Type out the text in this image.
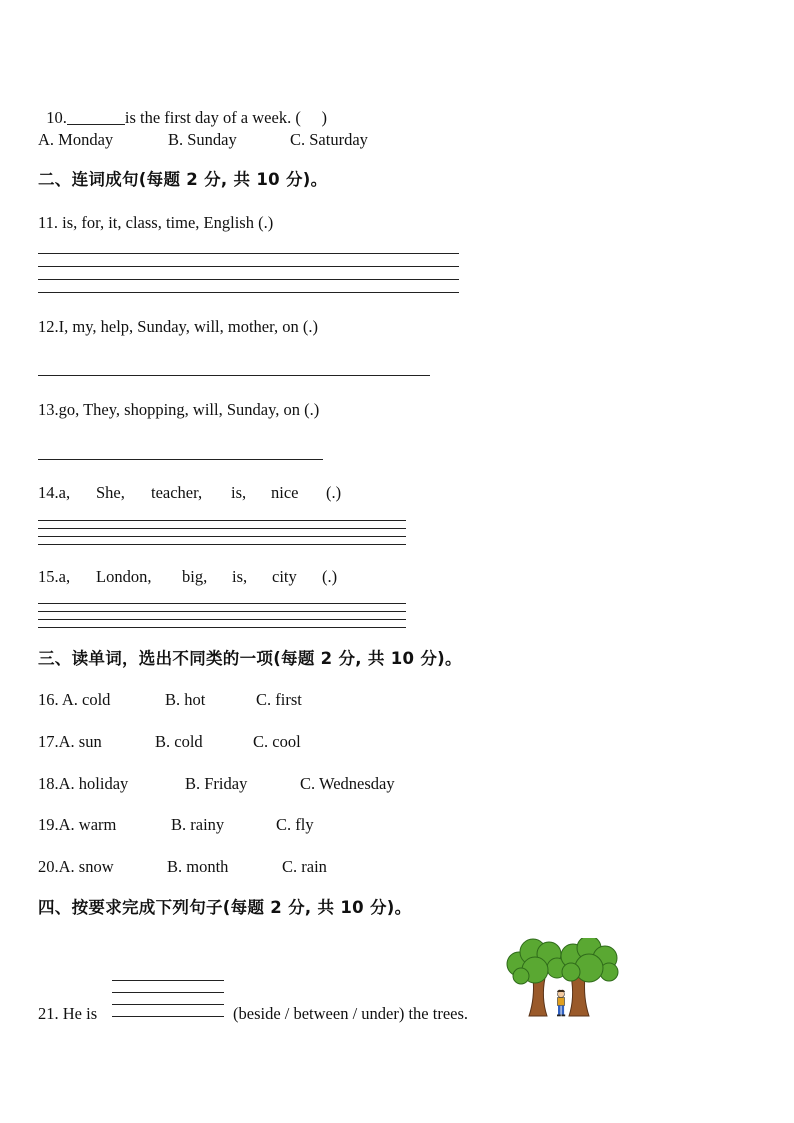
10.	is the first day of a week. (     )

A. Monday	B. Sunday	C. Saturday
二、连词成句(每题 2 分, 共 10 分)。
11. is, for, it, class, time, English (.)
12.I, my, help, Sunday, will, mother, on (.)
13.go, They, shopping, will, Sunday, on (.)
14.a, She, teacher, is, nice (.)
15.a, London, big, is, city (.)
三、读单词，选出不同类的一项(每题 2 分, 共 10 分)。
16. A. cold	B. hot	C. first
17.A. sun	B. cold	C. cool
18.A. holiday	B. Friday	C. Wednesday
19.A. warm	B. rainy	C. fly
20.A. snow	B. month	C. rain
四、按要求完成下列句子(每题 2 分, 共 10 分)。
21. He is	(beside / between / under) the trees.
